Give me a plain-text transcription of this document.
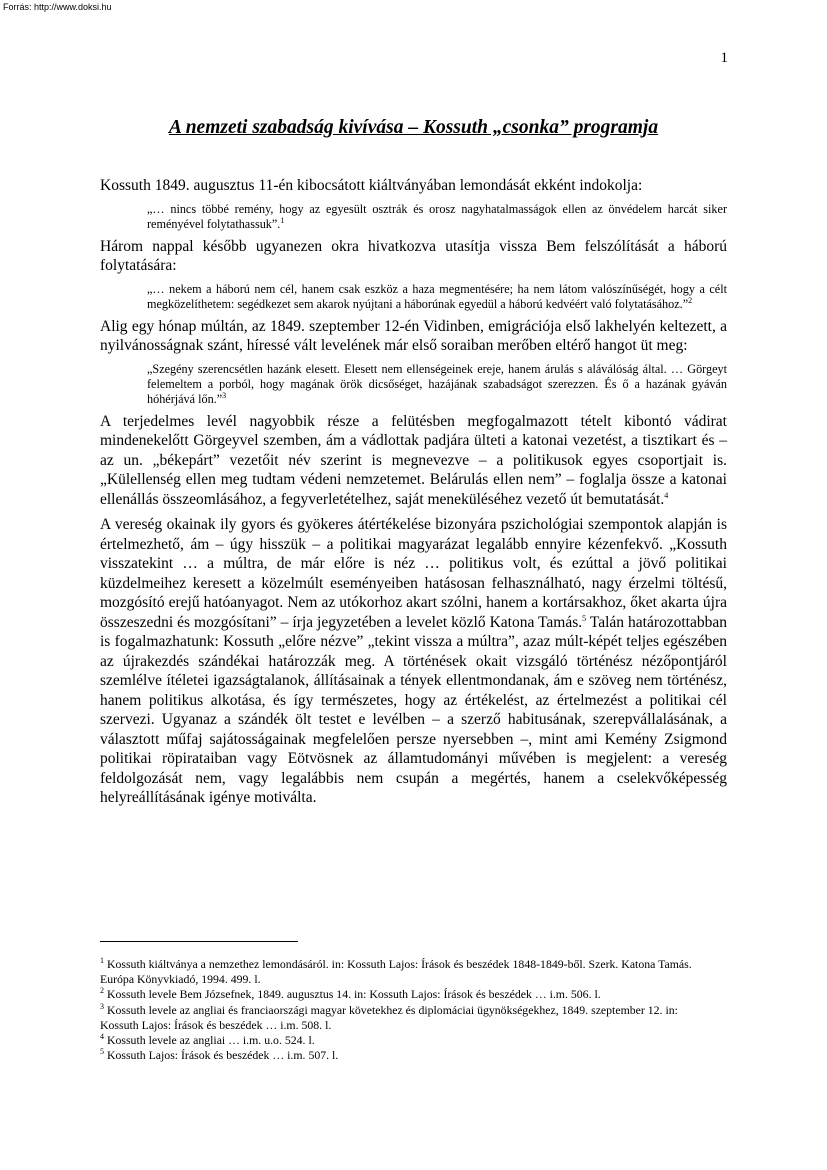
Forrás: http://www.doksi.hu
1
A nemzeti szabadság kivívása – Kossuth „csonka” programja

Kossuth 1849. augusztus 11-én kibocsátott kiáltványában lemondását ekként indokolja:

„… nincs többé remény, hogy az egyesült osztrák és orosz nagyhatalmasságok ellen az önvédelem harcát siker reményével folytathassuk”.$^1$

Három nappal később ugyanezen okra hivatkozva utasítja vissza Bem felszólítását a háború folytatására:

„… nekem a háború nem cél, hanem csak eszköz a haza megmentésére; ha nem látom valószínűségét, hogy a célt megközelíthetem: segédkezet sem akarok nyújtani a háborúnak egyedül a háború kedvéért való folytatásához.”$^2$

Alig egy hónap múltán, az 1849. szeptember 12-én Vidinben, emigrációja első lakhelyén keltezett, a nyilvánosságnak szánt, híressé vált levelének már első soraiban merőben eltérő hangot üt meg:

„Szegény szerencsétlen hazánk elesett. Elesett nem ellenségeinek ereje, hanem árulás s aláválóság által. … Görgeyt felemeltem a porból, hogy magának örök dicsőséget, hazájának szabadságot szerezzen. És ő a hazának gyáván hóhérjává lőn.”$^3$

A terjedelmes levél nagyobbik része a felütésben megfogalmazott tételt kibontó vádirat mindenekelőtt Görgeyvel szemben, ám a vádlottak padjára ülteti a katonai vezetést, a tisztikart és – az un. „békepárt” vezetőit név szerint is megnevezve – a politikusok egyes csoportjait is. „Külellenség ellen meg tudtam védeni nemzetemet. Belárulás ellen nem” – foglalja össze a katonai ellenállás összeomlásához, a fegyverletételhez, saját meneküléséhez vezető út bemutatását.$^4$

A vereség okainak ily gyors és gyökeres átértékelése bizonyára pszichológiai szempontok alapján is értelmezhető, ám – úgy hisszük – a politikai magyarázat legalább ennyire kézenfekvő. „Kossuth visszatekint … a múltra, de már előre is néz … politikus volt, és ezúttal a jövő politikai küzdelmeihez keresett a közelmúlt eseményeiben hatásosan felhasználható, nagy érzelmi töltésű, mozgósító erejű hatóanyagot. Nem az utókorhoz akart szólni, hanem a kortársakhoz, őket akarta újra összeszedni és mozgósítani” – írja jegyzetében a levelet közlő Katona Tamás.$^5$ Talán határozottabban is fogalmazhatunk: Kossuth „előre nézve” „tekint vissza a múltra”, azaz múlt-képét teljes egészében az újrakezdés szándékai határozzák meg. A történések okait vizsgáló történész nézőpontjáról szemlélve ítéletei igazságtalanok, állításainak a tények ellentmondanak, ám e szöveg nem történész, hanem politikus alkotása, és így természetes, hogy az értékelést, az értelmezést a politikai cél szervezi. Ugyanaz a szándék ölt testet e levélben – a szerző habitusának, szerepvállalásának, a választott műfaj sajátosságainak megfelelően persze nyersebben –, mint ami Kemény Zsigmond politikai röpirataiban vagy Eötvösnek az államtudományi művében is megjelent: a vereség feldolgozását nem, vagy legalábbis nem csupán a megértés, hanem a cselekvőképesség helyreállításának igénye motiválta.

$^1$ Kossuth kiáltványa a nemzethez lemondásáról. in: Kossuth Lajos: Írások és beszédek 1848-1849-ből. Szerk. Katona Tamás. Európa Könyvkiadó, 1994. 499. l.

$^2$ Kossuth levele Bem Józsefnek, 1849. augusztus 14. in: Kossuth Lajos: Írások és beszédek … i.m. 506. l.

$^3$ Kossuth levele az angliai és franciaországi magyar követekhez és diplomáciai ügynökségekhez, 1849. szeptember 12. in: Kossuth Lajos: Írások és beszédek … i.m. 508. l.

$^4$ Kossuth levele az angliai … i.m. u.o. 524. l.

$^5$ Kossuth Lajos: Írások és beszédek … i.m. 507. l.
